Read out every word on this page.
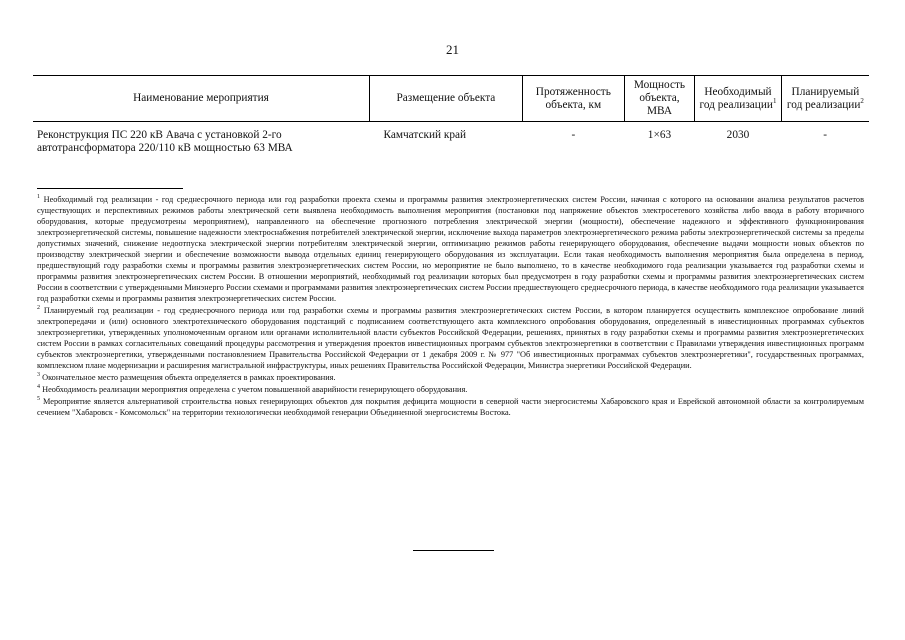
21
Наименование мероприятия	Размещение объекта	Протяженность объекта, км	Мощность объекта, МВА	Необходимый год реализации$^1$	Планируемый год реализации$^2$
Реконструкция ПС 220 кВ Авача с установкой 2-го автотрансформатора 220/110 кВ мощностью 63 МВА	Камчатский край	-	1×63	2030	-

$^1$ Необходимый год реализации - год среднесрочного периода или год разработки проекта схемы и программы развития электроэнергетических систем России, начиная с которого на основании анализа результатов расчетов существующих и перспективных режимов работы электрической сети выявлена необходимость выполнения мероприятия (постановки под напряжение объектов электросетевого хозяйства либо ввода в работу вторичного оборудования, которые предусмотрены мероприятием), направленного на обеспечение прогнозного потребления электрической энергии (мощности), обеспечение надежного и эффективного функционирования электроэнергетической системы, повышение надежности электроснабжения потребителей электрической энергии, исключение выхода параметров электроэнергетического режима работы электроэнергетической системы за пределы допустимых значений, снижение недоотпуска электрической энергии потребителям электрической энергии, оптимизацию режимов работы генерирующего оборудования, обеспечение выдачи мощности новых объектов по производству электрической энергии и обеспечение возможности вывода отдельных единиц генерирующего оборудования из эксплуатации. Если такая необходимость выполнения мероприятия была определена в период, предшествующий году разработки схемы и программы развития электроэнергетических систем России, но мероприятие не было выполнено, то в качестве необходимого года реализации указывается год разработки схемы и программы развития электроэнергетических систем России. В отношении мероприятий, необходимый год реализации которых был предусмотрен в году разработки схемы и программы развития электроэнергетических систем России в соответствии с утвержденными Минэнерго России схемами и программами развития электроэнергетических систем России предшествующего среднесрочного периода, в качестве необходимого года реализации указывается год разработки схемы и программы развития электроэнергетических систем России.

$^2$ Планируемый год реализации - год среднесрочного периода или год разработки схемы и программы развития электроэнергетических систем России, в котором планируется осуществить комплексное опробование линий электропередачи и (или) основного электротехнического оборудования подстанций с подписанием соответствующего акта комплексного опробования оборудования, определенный в инвестиционных программах субъектов электроэнергетики, утвержденных уполномоченным органом или органами исполнительной власти субъектов Российской Федерации, решениях, принятых в году разработки схемы и программы развития электроэнергетических систем России в рамках согласительных совещаний процедуры рассмотрения и утверждения проектов инвестиционных программ субъектов электроэнергетики в соответствии с Правилами утверждения инвестиционных программ субъектов электроэнергетики, утвержденными постановлением Правительства Российской Федерации от 1 декабря 2009 г. № 977 "Об инвестиционных программах субъектов электроэнергетики", государственных программах, комплексном плане модернизации и расширения магистральной инфраструктуры, иных решениях Правительства Российской Федерации, Министра энергетики Российской Федерации.

$^3$ Окончательное место размещения объекта определяется в рамках проектирования.

$^4$ Необходимость реализации мероприятия определена с учетом повышенной аварийности генерирующего оборудования.

$^5$ Мероприятие является альтернативой строительства новых генерирующих объектов для покрытия дефицита мощности в северной части энергосистемы Хабаровского края и Еврейской автономной области за контролируемым сечением "Хабаровск - Комсомольск" на территории технологически необходимой генерации Объединенной энергосистемы Востока.
